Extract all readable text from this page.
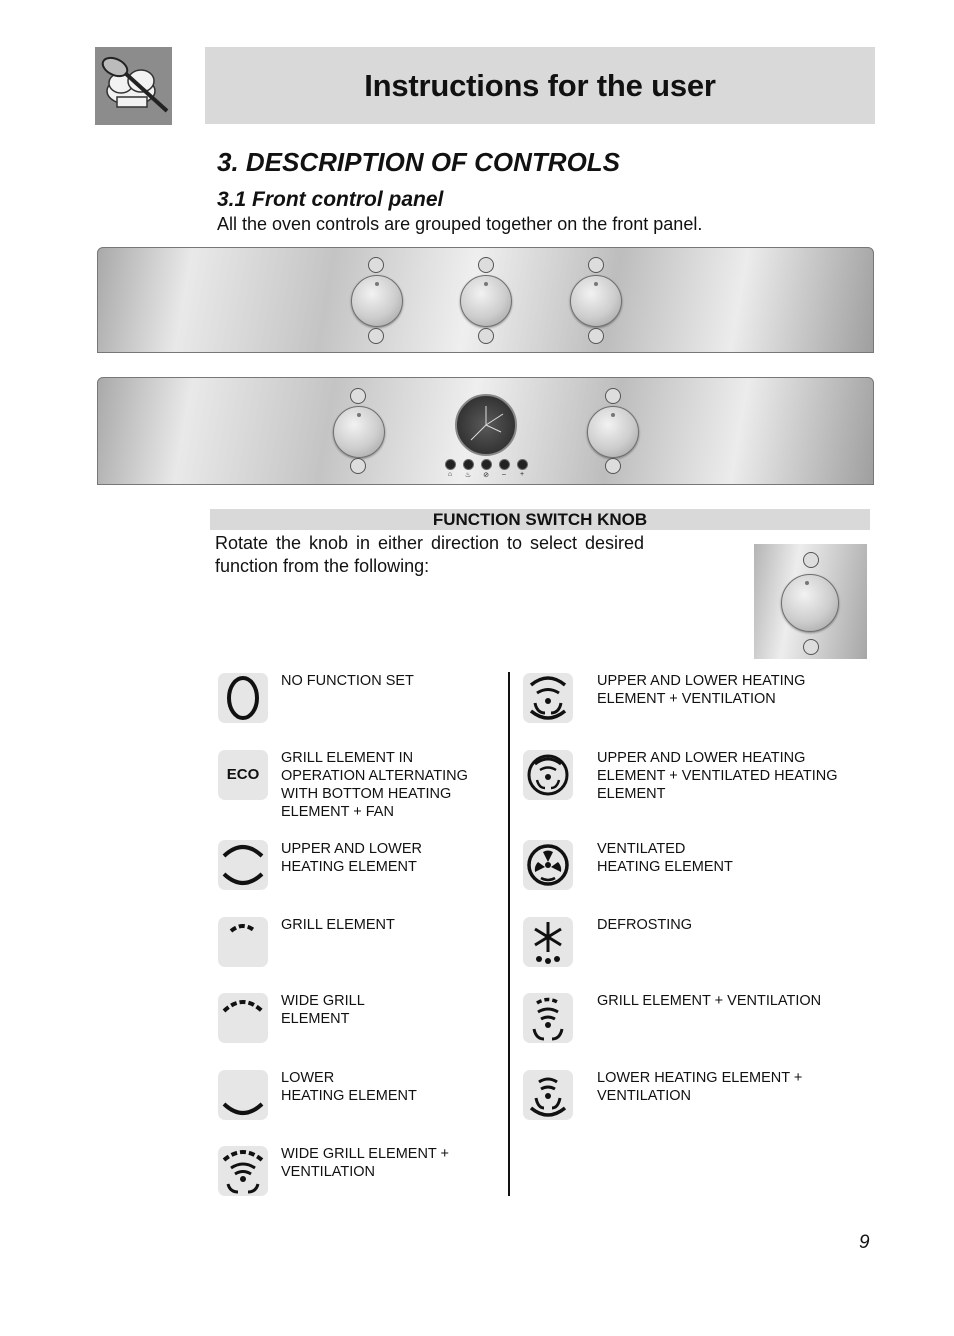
Instructions for the user
3. DESCRIPTION OF CONTROLS
3.1 Front control panel
All the oven controls are grouped together on the front panel.
⌂	♨ ⊘	–	+
FUNCTION SWITCH KNOB
Rotate the knob in either direction to select desired function from the following:
NO FUNCTION SET
ECO
GRILL ELEMENT IN
OPERATION ALTERNATING
WITH BOTTOM HEATING
ELEMENT + FAN
UPPER AND LOWER
HEATING ELEMENT
GRILL ELEMENT
WIDE GRILL
ELEMENT
LOWER
HEATING ELEMENT
WIDE GRILL ELEMENT +
VENTILATION
UPPER AND LOWER HEATING
ELEMENT + VENTILATION
UPPER AND LOWER HEATING
ELEMENT + VENTILATED HEATING
ELEMENT
VENTILATED
HEATING ELEMENT
DEFROSTING
GRILL ELEMENT + VENTILATION
LOWER HEATING ELEMENT +
VENTILATION
9
